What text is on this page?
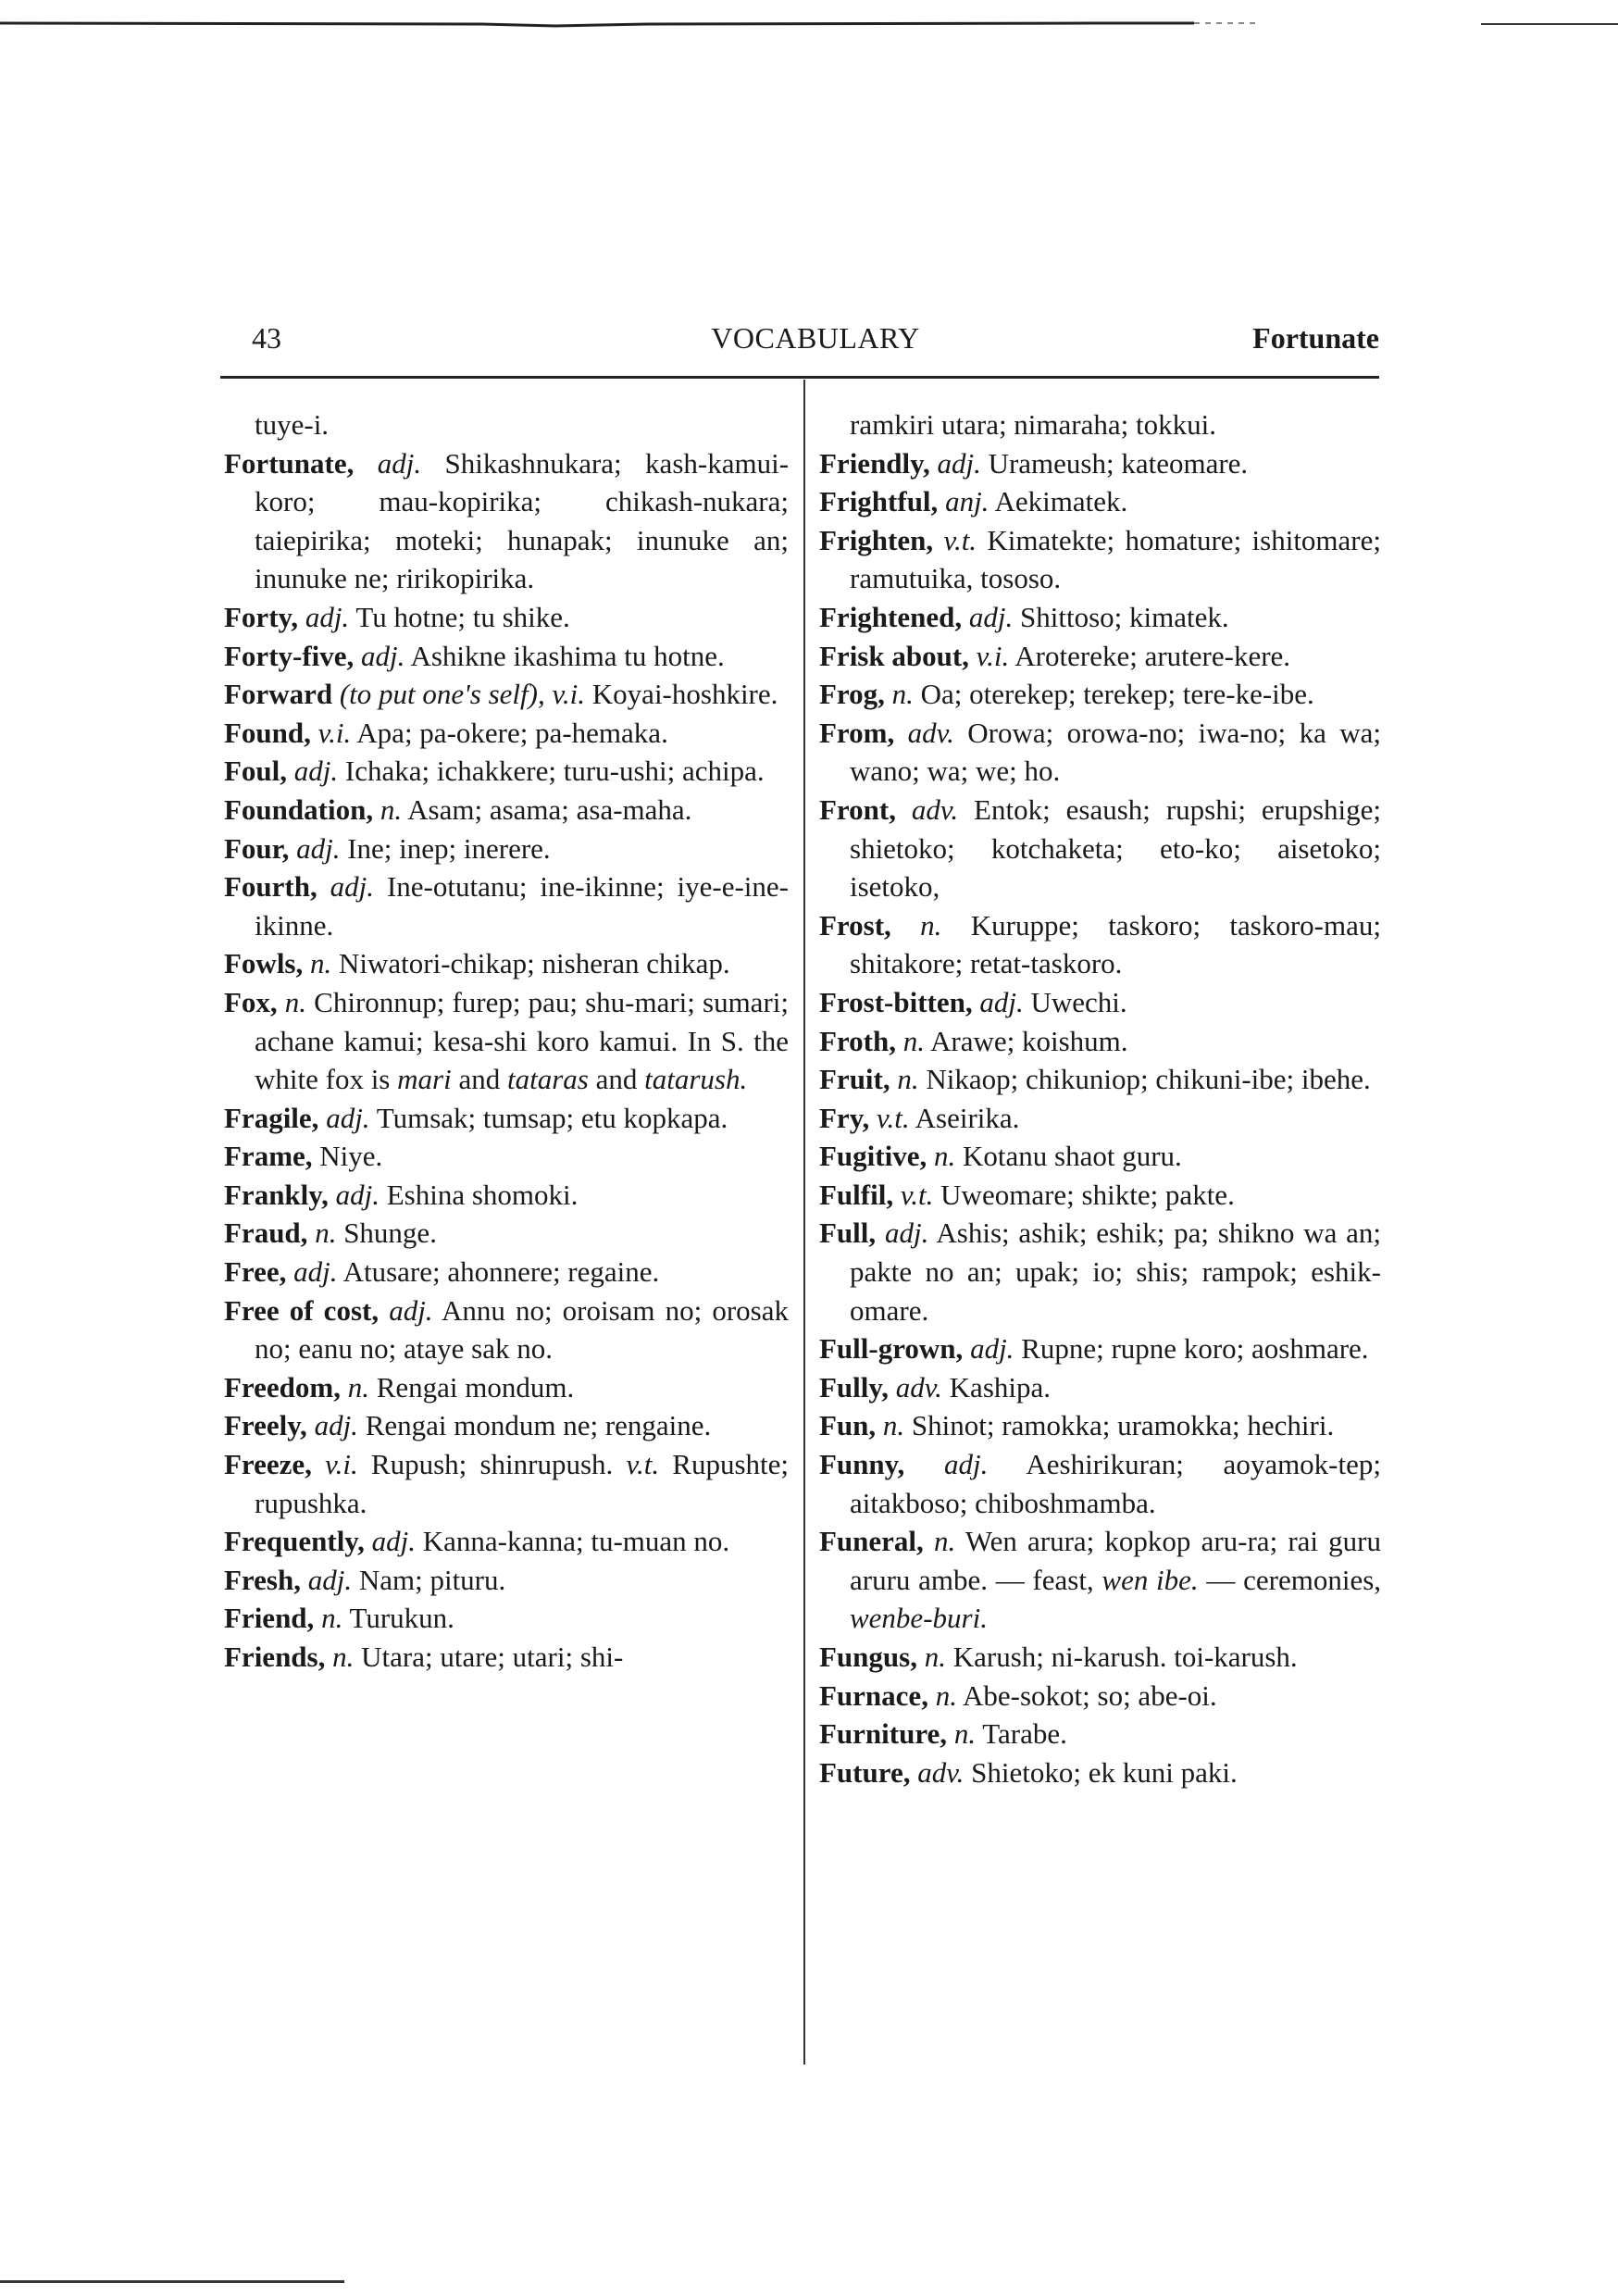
43	VOCABULARY	Fortunate
tuye-i.
Fortunate, adj. Shikashnukara; kash-kamui-koro; mau-kopirika; chikash-nukara; taiepirika; moteki; hunapak; inunuke an; inunuke ne; ririkopirika.
Forty, adj. Tu hotne; tu shike.
Forty-five, adj. Ashikne ikashima tu hotne.
Forward (to put one's self), v.i. Koyai-hoshkire.
Found, v.i. Apa; pa-okere; pa-hemaka.
Foul, adj. Ichaka; ichakkere; turu-ushi; achipa.
Foundation, n. Asam; asama; asa-maha.
Four, adj. Ine; inep; inerere.
Fourth, adj. Ine-otutanu; ine-ikinne; iye-e-ine-ikinne.
Fowls, n. Niwatori-chikap; nisheran chikap.
Fox, n. Chironnup; furep; pau; shu-mari; sumari; achane kamui; kesa-shi koro kamui. In S. the white fox is mari and tataras and tatarush.
Fragile, adj. Tumsak; tumsap; etu kopkapa.
Frame, Niye.
Frankly, adj. Eshina shomoki.
Fraud, n. Shunge.
Free, adj. Atusare; ahonnere; regaine.
Free of cost, adj. Annu no; oroisam no; orosak no; eanu no; ataye sak no.
Freedom, n. Rengai mondum.
Freely, adj. Rengai mondum ne; rengaine.
Freeze, v.i. Rupush; shinrupush. v.t. Rupushte; rupushka.
Frequently, adj. Kanna-kanna; tu-muan no.
Fresh, adj. Nam; pituru.
Friend, n. Turukun.
Friends, n. Utara; utare; utari; shi-
ramkiri utara; nimaraha; tokkui.
Friendly, adj. Urameush; kateomare.
Frightful, anj. Aekimatek.
Frighten, v.t. Kimatekte; homature; ishitomare; ramutuika, tososo.
Frightened, adj. Shittoso; kimatek.
Frisk about, v.i. Arotereke; arutere-kere.
Frog, n. Oa; oterekep; terekep; tere-ke-ibe.
From, adv. Orowa; orowa-no; iwa-no; ka wa; wano; wa; we; ho.
Front, adv. Entok; esaush; rupshi; erupshige; shietoko; kotchaketa; eto-ko; aisetoko; isetoko,
Frost, n. Kuruppe; taskoro; taskoro-mau; shitakore; retat-taskoro.
Frost-bitten, adj. Uwechi.
Froth, n. Arawe; koishum.
Fruit, n. Nikaop; chikuniop; chikuni-ibe; ibehe.
Fry, v.t. Aseirika.
Fugitive, n. Kotanu shaot guru.
Fulfil, v.t. Uweomare; shikte; pakte.
Full, adj. Ashis; ashik; eshik; pa; shikno wa an; pakte no an; upak; io; shis; rampok; eshik-omare.
Full-grown, adj. Rupne; rupne koro; aoshmare.
Fully, adv. Kashipa.
Fun, n. Shinot; ramokka; uramokka; hechiri.
Funny, adj. Aeshirikuran; aoyamok-tep; aitakboso; chiboshmamba.
Funeral, n. Wen arura; kopkop aru-ra; rai guru aruru ambe. — feast, wen ibe. — ceremonies, wenbe-buri.
Fungus, n. Karush; ni-karush. toi-karush.
Furnace, n. Abe-sokot; so; abe-oi.
Furniture, n. Tarabe.
Future, adv. Shietoko; ek kuni paki.
